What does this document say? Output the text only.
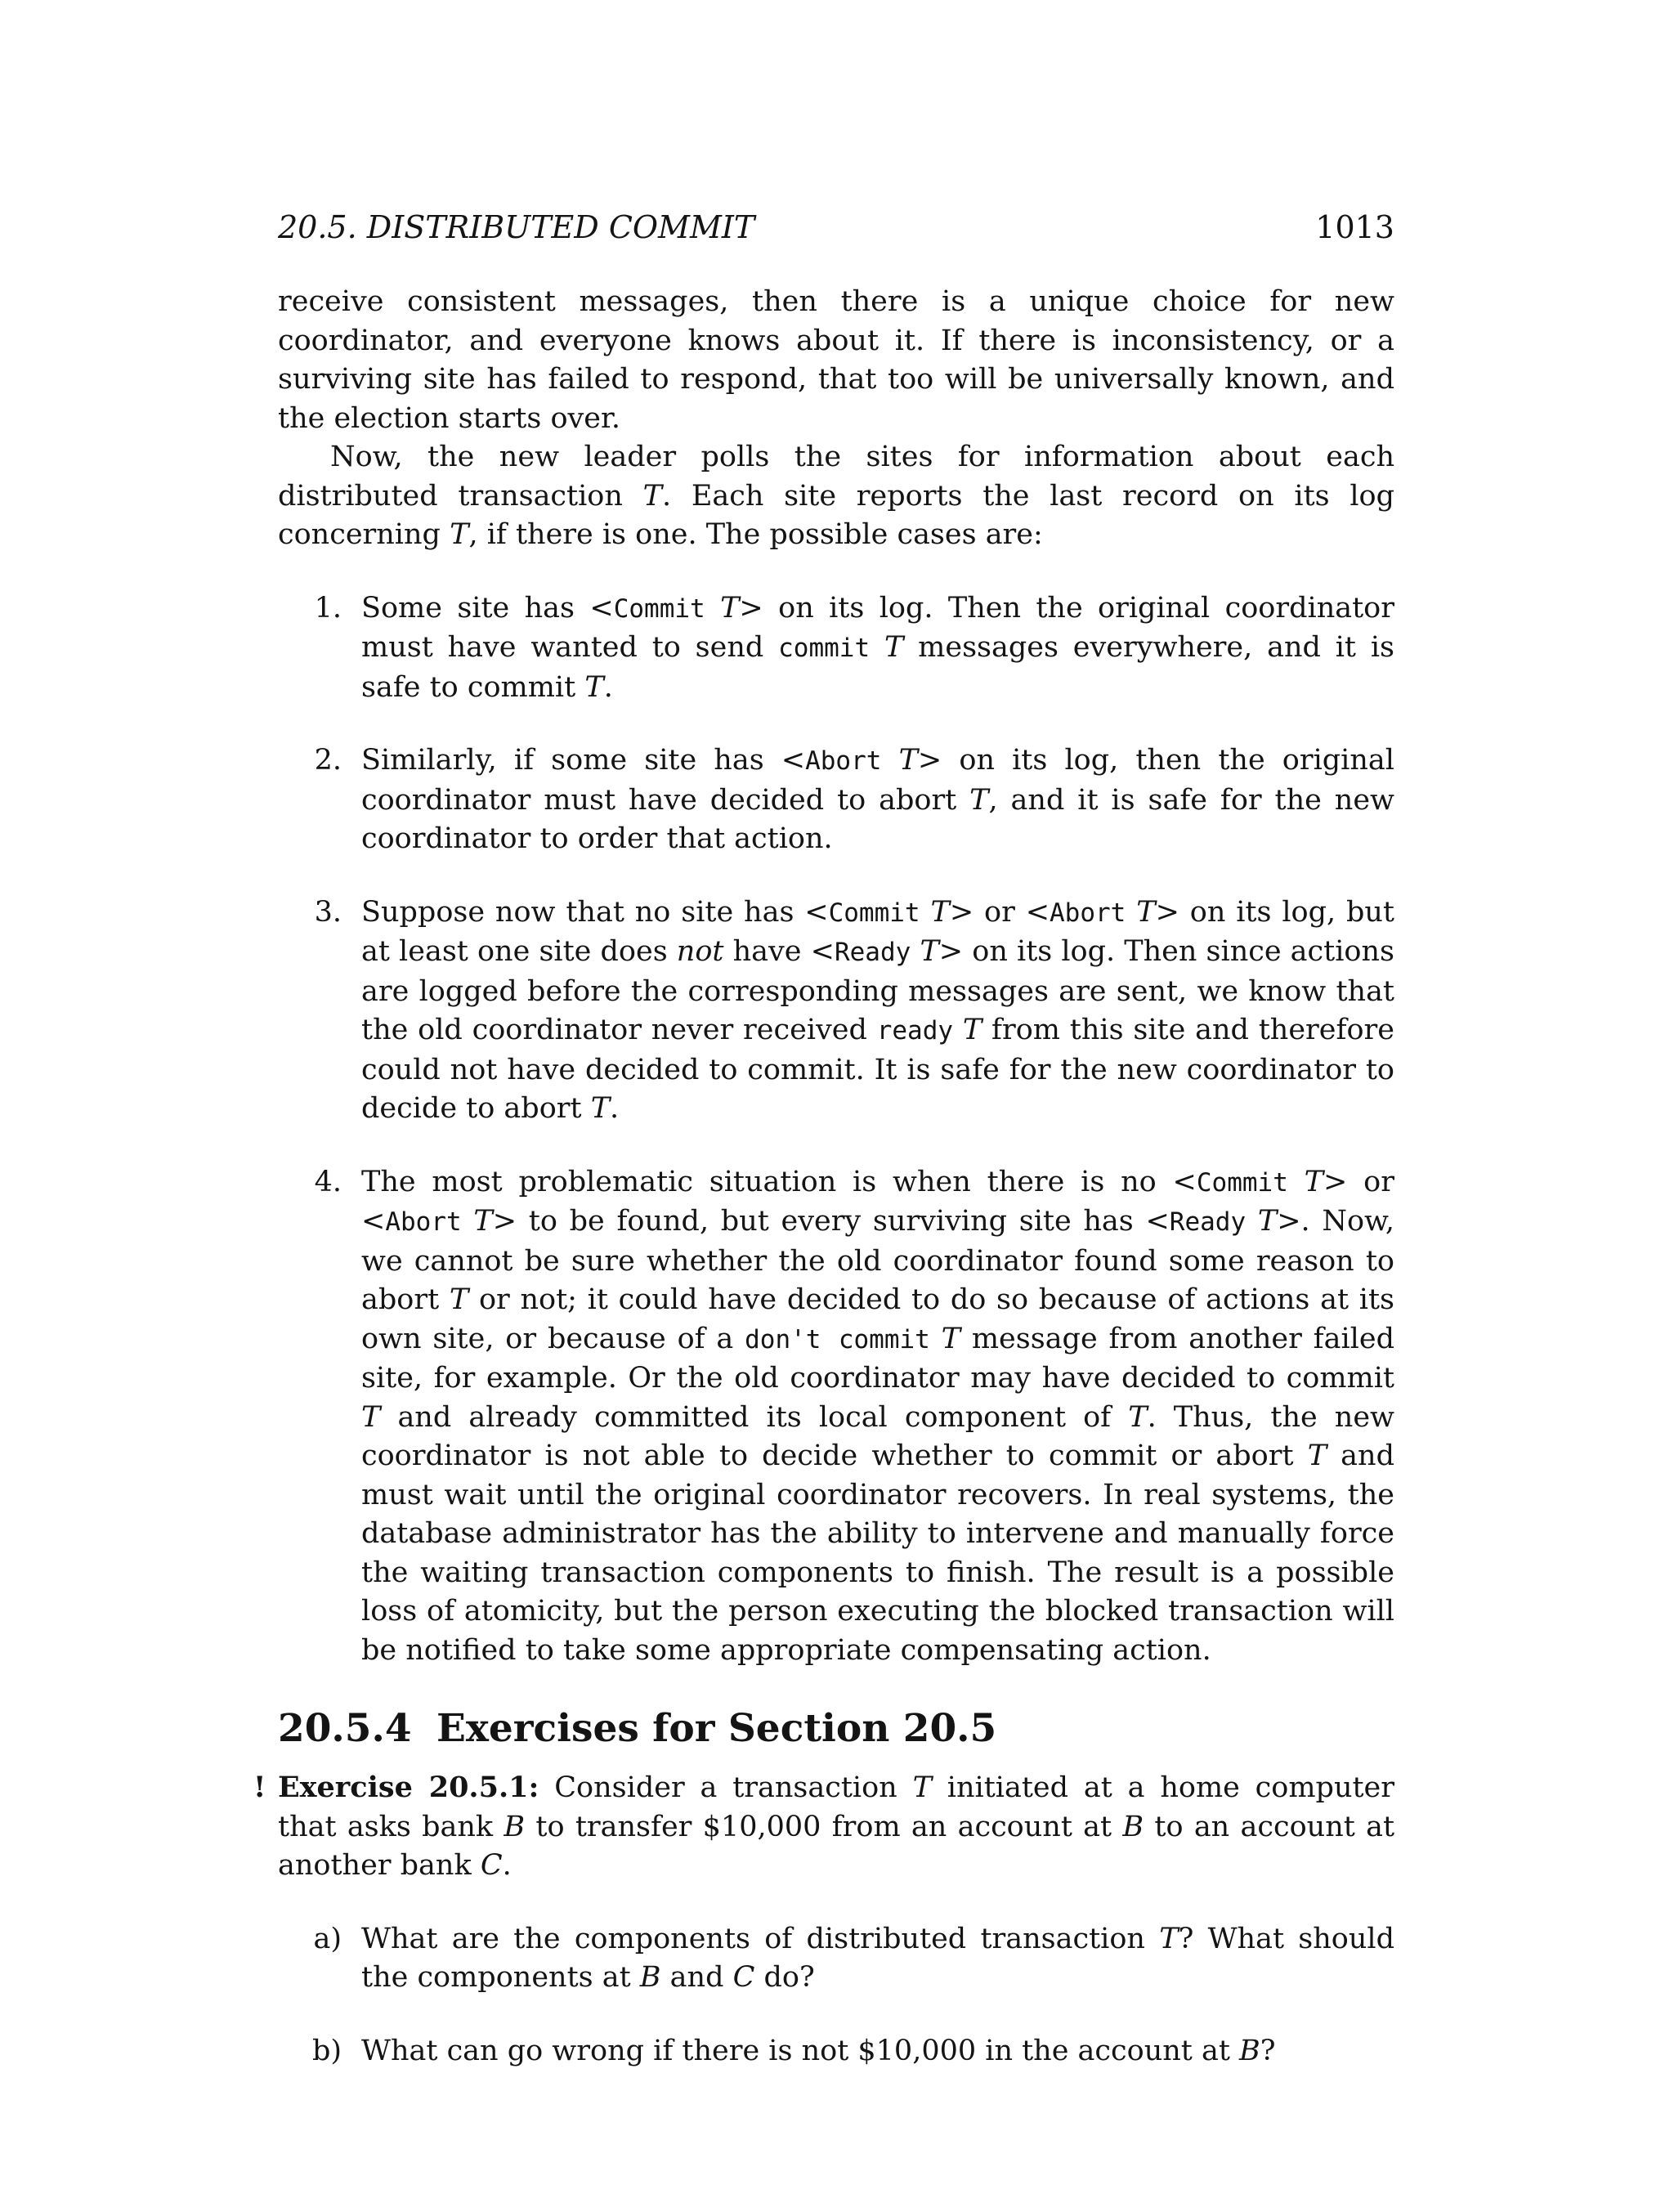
20.5. DISTRIBUTED COMMIT	1013

receive consistent messages, then there is a unique choice for new coordinator, and everyone knows about it. If there is inconsistency, or a surviving site has failed to respond, that too will be universally known, and the election starts over.

Now, the new leader polls the sites for information about each distributed transaction T. Each site reports the last record on its log concerning T, if there is one. The possible cases are:

1. Some site has <Commit T> on its log. Then the original coordinator must have wanted to send commit T messages everywhere, and it is safe to commit T.
2. Similarly, if some site has <Abort T> on its log, then the original coordinator must have decided to abort T, and it is safe for the new coordinator to order that action.
3. Suppose now that no site has <Commit T> or <Abort T> on its log, but at least one site does not have <Ready T> on its log. Then since actions are logged before the corresponding messages are sent, we know that the old coordinator never received ready T from this site and therefore could not have decided to commit. It is safe for the new coordinator to decide to abort T.
4. The most problematic situation is when there is no <Commit T> or <Abort T> to be found, but every surviving site has <Ready T>. Now, we cannot be sure whether the old coordinator found some reason to abort T or not; it could have decided to do so because of actions at its own site, or because of a don't commit T message from another failed site, for example. Or the old coordinator may have decided to commit T and already committed its local component of T. Thus, the new coordinator is not able to decide whether to commit or abort T and must wait until the original coordinator recovers. In real systems, the database administrator has the ability to intervene and manually force the waiting transaction components to finish. The result is a possible loss of atomicity, but the person executing the blocked transaction will be notified to take some appropriate compensating action.
20.5.4 Exercises for Section 20.5
! Exercise 20.5.1: Consider a transaction T initiated at a home computer that asks bank B to transfer $10,000 from an account at B to an account at another bank C.

a) What are the components of distributed transaction T? What should the components at B and C do?
b) What can go wrong if there is not $10,000 in the account at B?
